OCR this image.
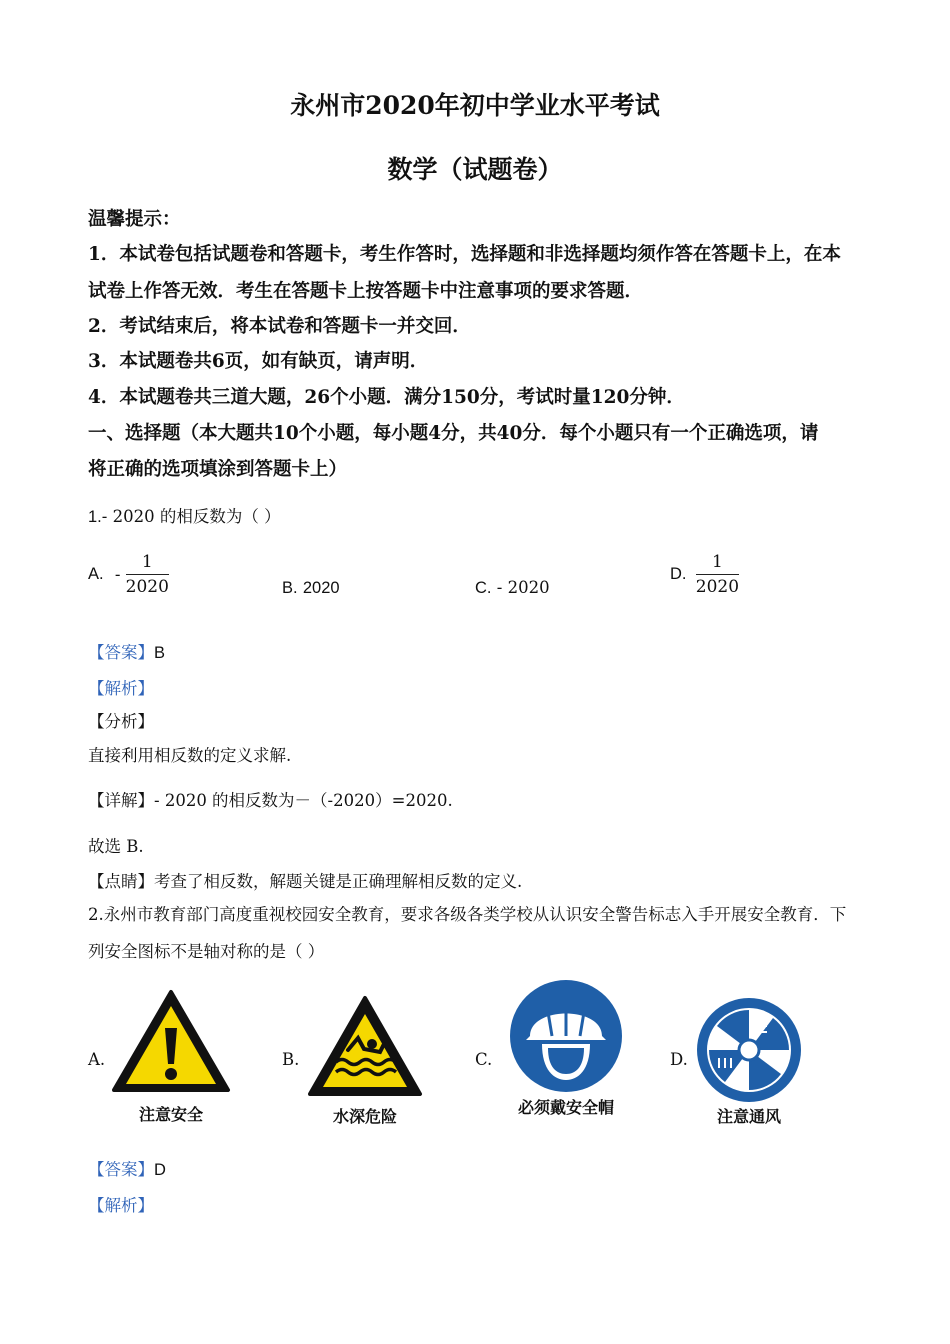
永州市2020年初中学业水平考试
数学（试题卷）
温馨提示：
1．本试卷包括试题卷和答题卡，考生作答时，选择题和非选择题均须作答在答题卡上，在本
试卷上作答无效．考生在答题卡上按答题卡中注意事项的要求答题．
2．考试结束后，将本试卷和答题卡一并交回．
3．本试题卷共6页，如有缺页，请声明．
4．本试题卷共三道大题，26个小题．满分150分，考试时量120分钟．
一、选择题（本大题共10个小题，每小题4分，共40分．每个小题只有一个正确选项，请
将正确的选项填涂到答题卡上）
1.- 2020 的相反数为（ ）
A. - $\frac{1}{2020}$	B. 2020	C. - 2020
D. $\frac{1}{2020}$
【答案】B
【解析】
【分析】
直接利用相反数的定义求解.
【详解】- 2020 的相反数为－（-2020）=2020.
故选 B.
【点睛】考查了相反数，解题关键是正确理解相反数的定义.
2.永州市教育部门高度重视校园安全教育，要求各级各类学校从认识安全警告标志入手开展安全教育．下
列安全图标不是轴对称的是（ ）
A.	B.	C.	D.
注意安全	水深危险	必须戴安全帽	注意通风
【答案】D
【解析】
